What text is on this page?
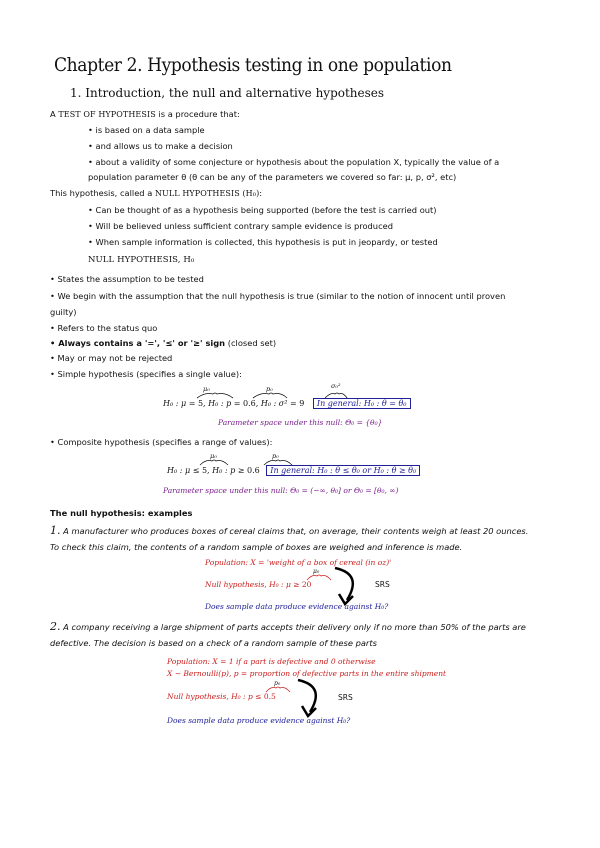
Chapter 2. Hypothesis testing in one population
1. Introduction, the null and alternative hypotheses
A TEST OF HYPOTHESIS is a procedure that:
• is based on a data sample
• and allows us to make a decision
• about a validity of some conjecture or hypothesis about the population X, typically the value of a
population parameter θ (θ can be any of the parameters we covered so far: μ, p, σ², etc)
This hypothesis, called a NULL HYPOTHESIS (H₀):
• Can be thought of as a hypothesis being supported (before the test is carried out)
• Will be believed unless sufficient contrary sample evidence is produced
• When sample information is collected, this hypothesis is put in jeopardy, or tested
NULL HYPOTHESIS, H₀
• States the assumption to be tested
• We begin with the assumption that the null hypothesis is true (similar to the notion of innocent until proven
guilty)
• Refers to the status quo
• Always contains a '=', '≤' or '≥' sign (closed set)
• May or may not be rejected
• Simple hypothesis (specifies a single value):
μ₀	p₀	σ₀²
H₀ : μ = 5, H₀ : p = 0.6, H₀ : σ² = 9 In general: H₀ : θ = θ₀
Parameter space under this null: Θ₀ = {θ₀}
• Composite hypothesis (specifies a range of values):
μ₀	p₀
H₀ : μ ≤ 5, H₀ : p ≥ 0.6 In general: H₀ : θ ≤ θ₀ or H₀ : θ ≥ θ₀
Parameter space under this null: Θ₀ = (−∞, θ₀] or Θ₀ = [θ₀, ∞)
The null hypothesis: examples
1. A manufacturer who produces boxes of cereal claims that, on average, their contents weigh at least 20 ounces.
To check this claim, the contents of a random sample of boxes are weighed and inference is made.
Population: X = 'weight of a box of cereal (in oz)'
μ₀
Null hypothesis, H₀ : μ ≥ 20	SRS
Does sample data produce evidence against H₀?
2. A company receiving a large shipment of parts accepts their delivery only if no more than 50% of the parts are
defective. The decision is based on a check of a random sample of these parts
Population: X = 1 if a part is defective and 0 otherwise
X ∼ Bernoulli(p), p = proportion of defective parts in the entire shipment
p₀
Null hypothesis, H₀ : p ≤ 0.5	SRS
Does sample data produce evidence against H₀?
